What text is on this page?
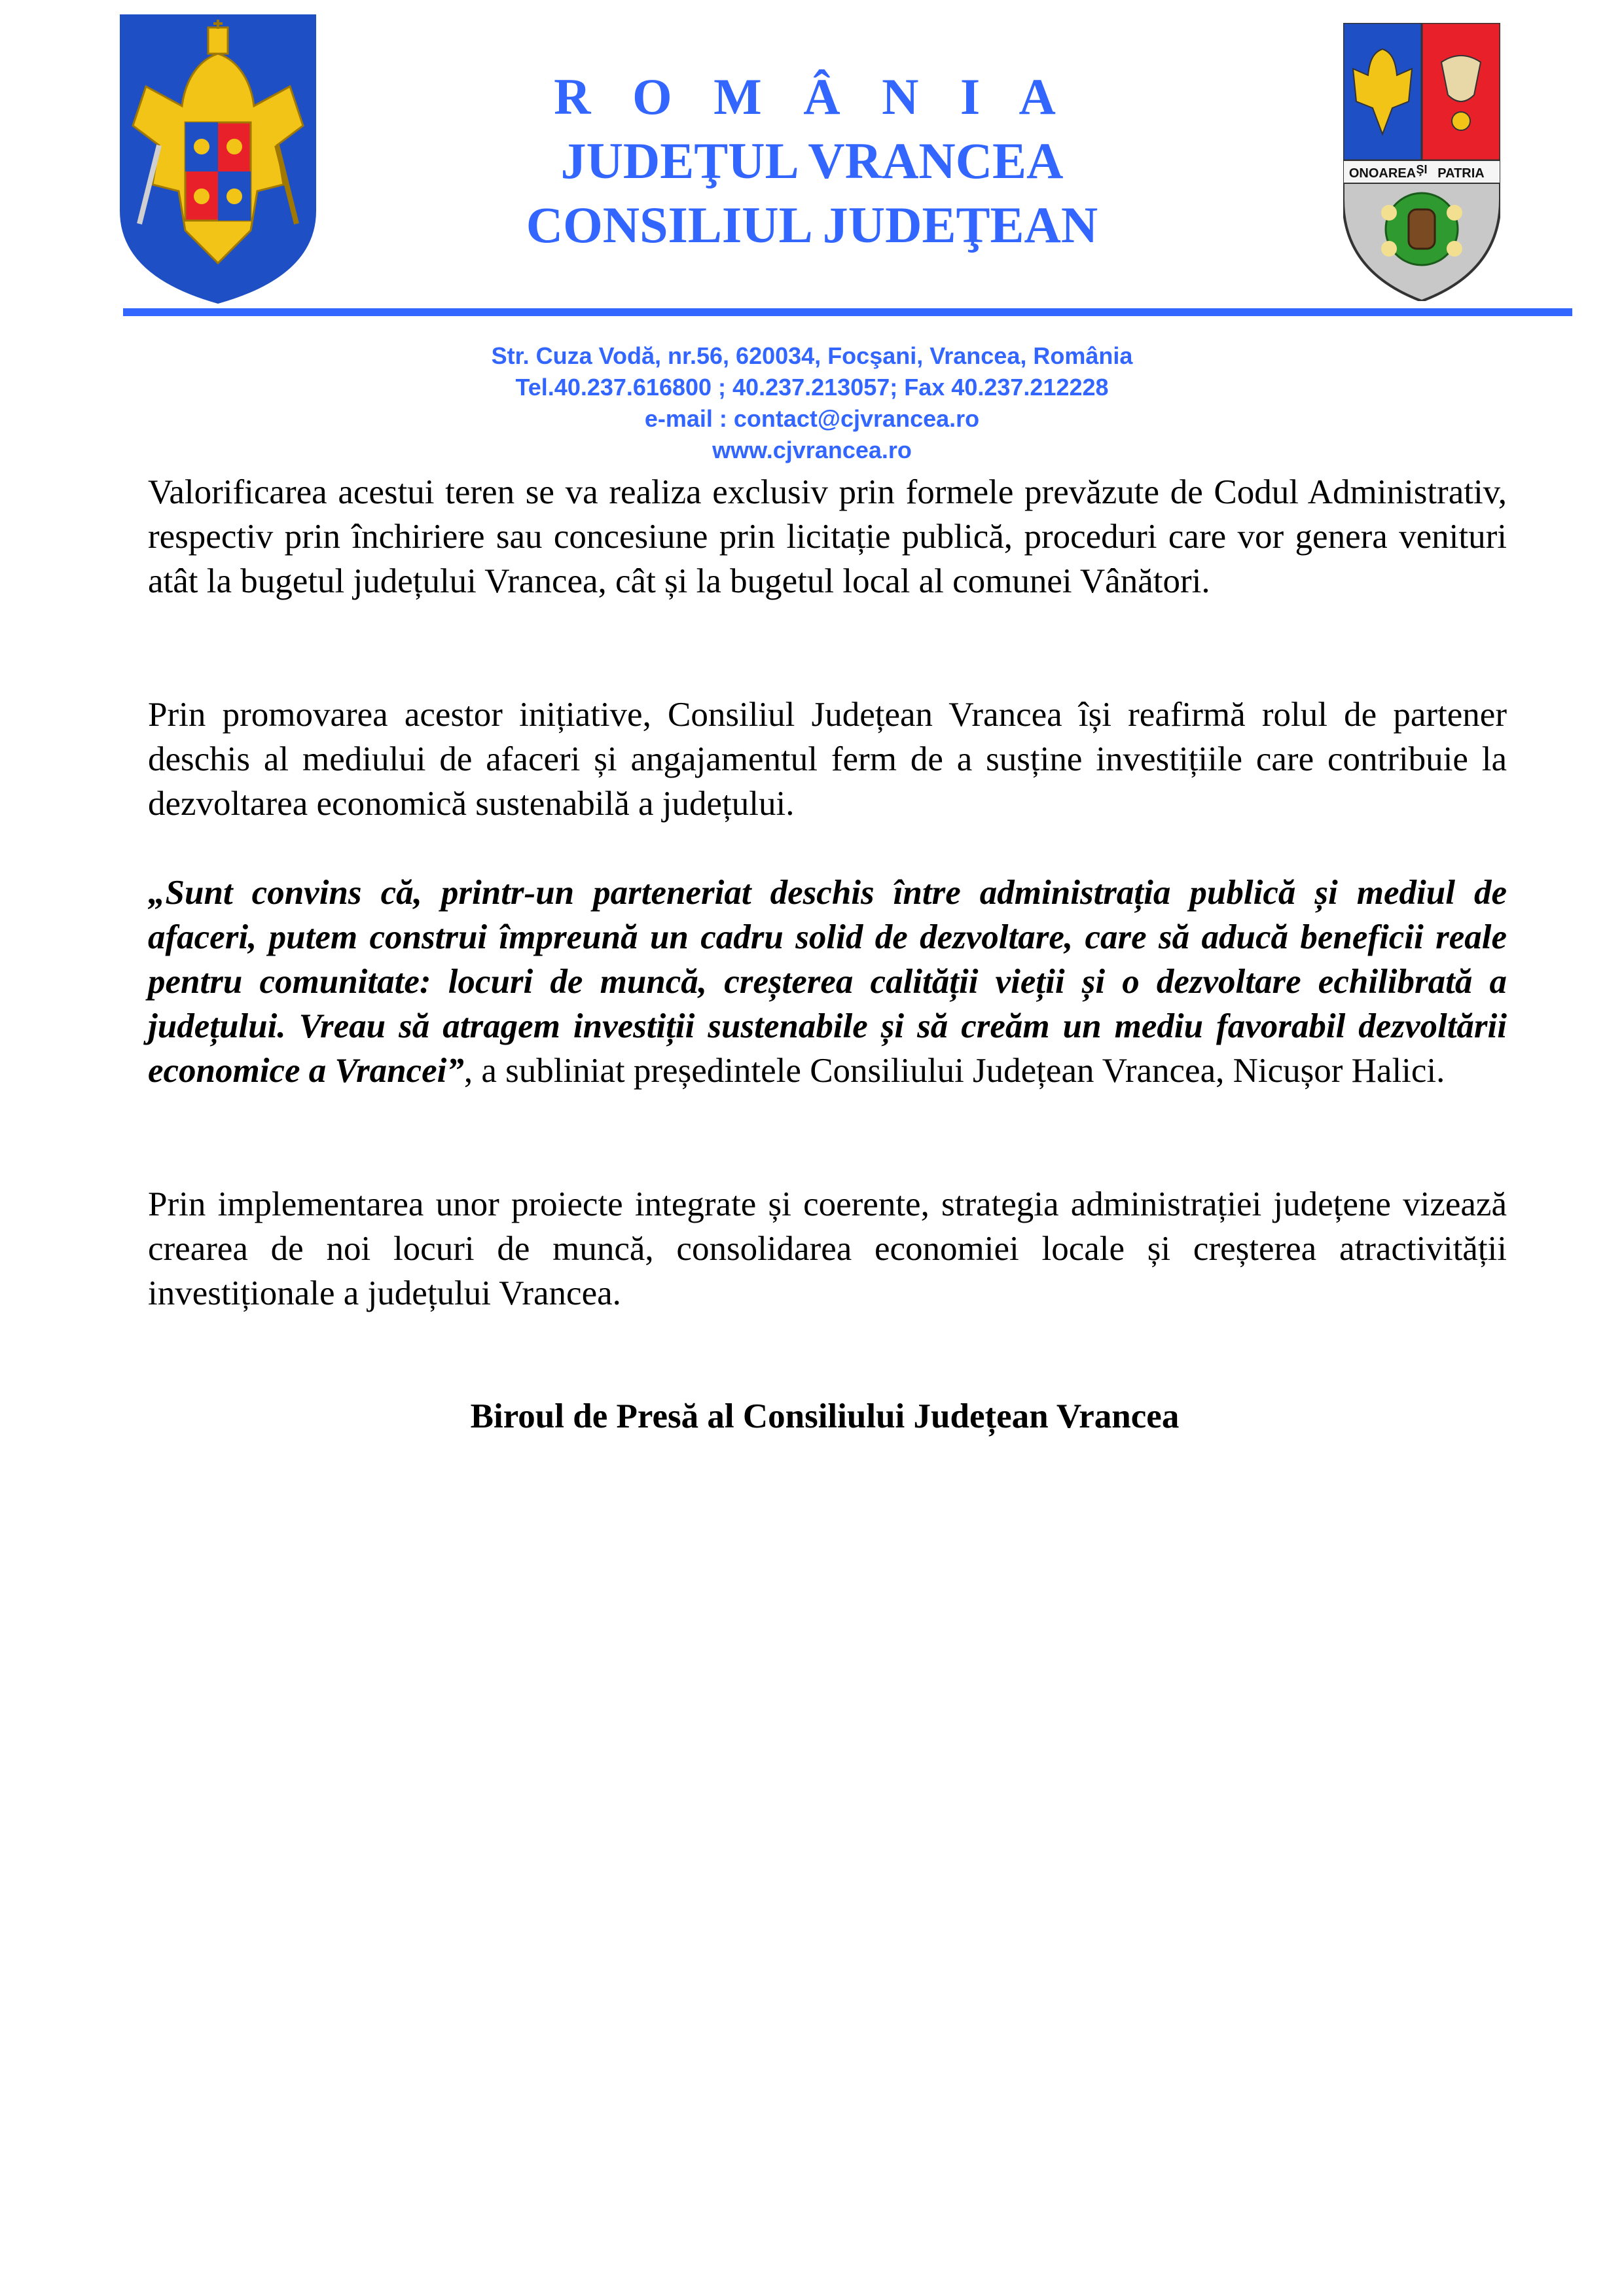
R O M Â N I A
JUDEŢUL VRANCEA
CONSILIUL JUDEŢEAN
ONOAREA ŞI PATRIA

Str. Cuza Vodă, nr.56, 620034, Focşani, Vrancea, România

Tel.40.237.616800 ; 40.237.213057; Fax 40.237.212228

e-mail : contact@cjvrancea.ro

www.cjvrancea.ro

Valorificarea acestui teren se va realiza exclusiv prin formele prevăzute de Codul Administrativ, respectiv prin închiriere sau concesiune prin licitație publică, proceduri care vor genera venituri atât la bugetul județului Vrancea, cât și la bugetul local al comunei Vânători.

Prin promovarea acestor inițiative, Consiliul Județean Vrancea își reafirmă rolul de partener deschis al mediului de afaceri și angajamentul ferm de a susține investițiile care contribuie la dezvoltarea economică sustenabilă a județului.

„Sunt convins că, printr-un parteneriat deschis între administrația publică și mediul de afaceri, putem construi împreună un cadru solid de dezvoltare, care să aducă beneficii reale pentru comunitate: locuri de muncă, creșterea calității vieții și o dezvoltare echilibrată a județului. Vreau să atragem investiții sustenabile și să creăm un mediu favorabil dezvoltării economice a Vrancei”, a subliniat președintele Consiliului Județean Vrancea, Nicușor Halici.

Prin implementarea unor proiecte integrate și coerente, strategia administrației județene vizează crearea de noi locuri de muncă, consolidarea economiei locale și creșterea atractivității investiționale a județului Vrancea.

Biroul de Presă al Consiliului Județean Vrancea
